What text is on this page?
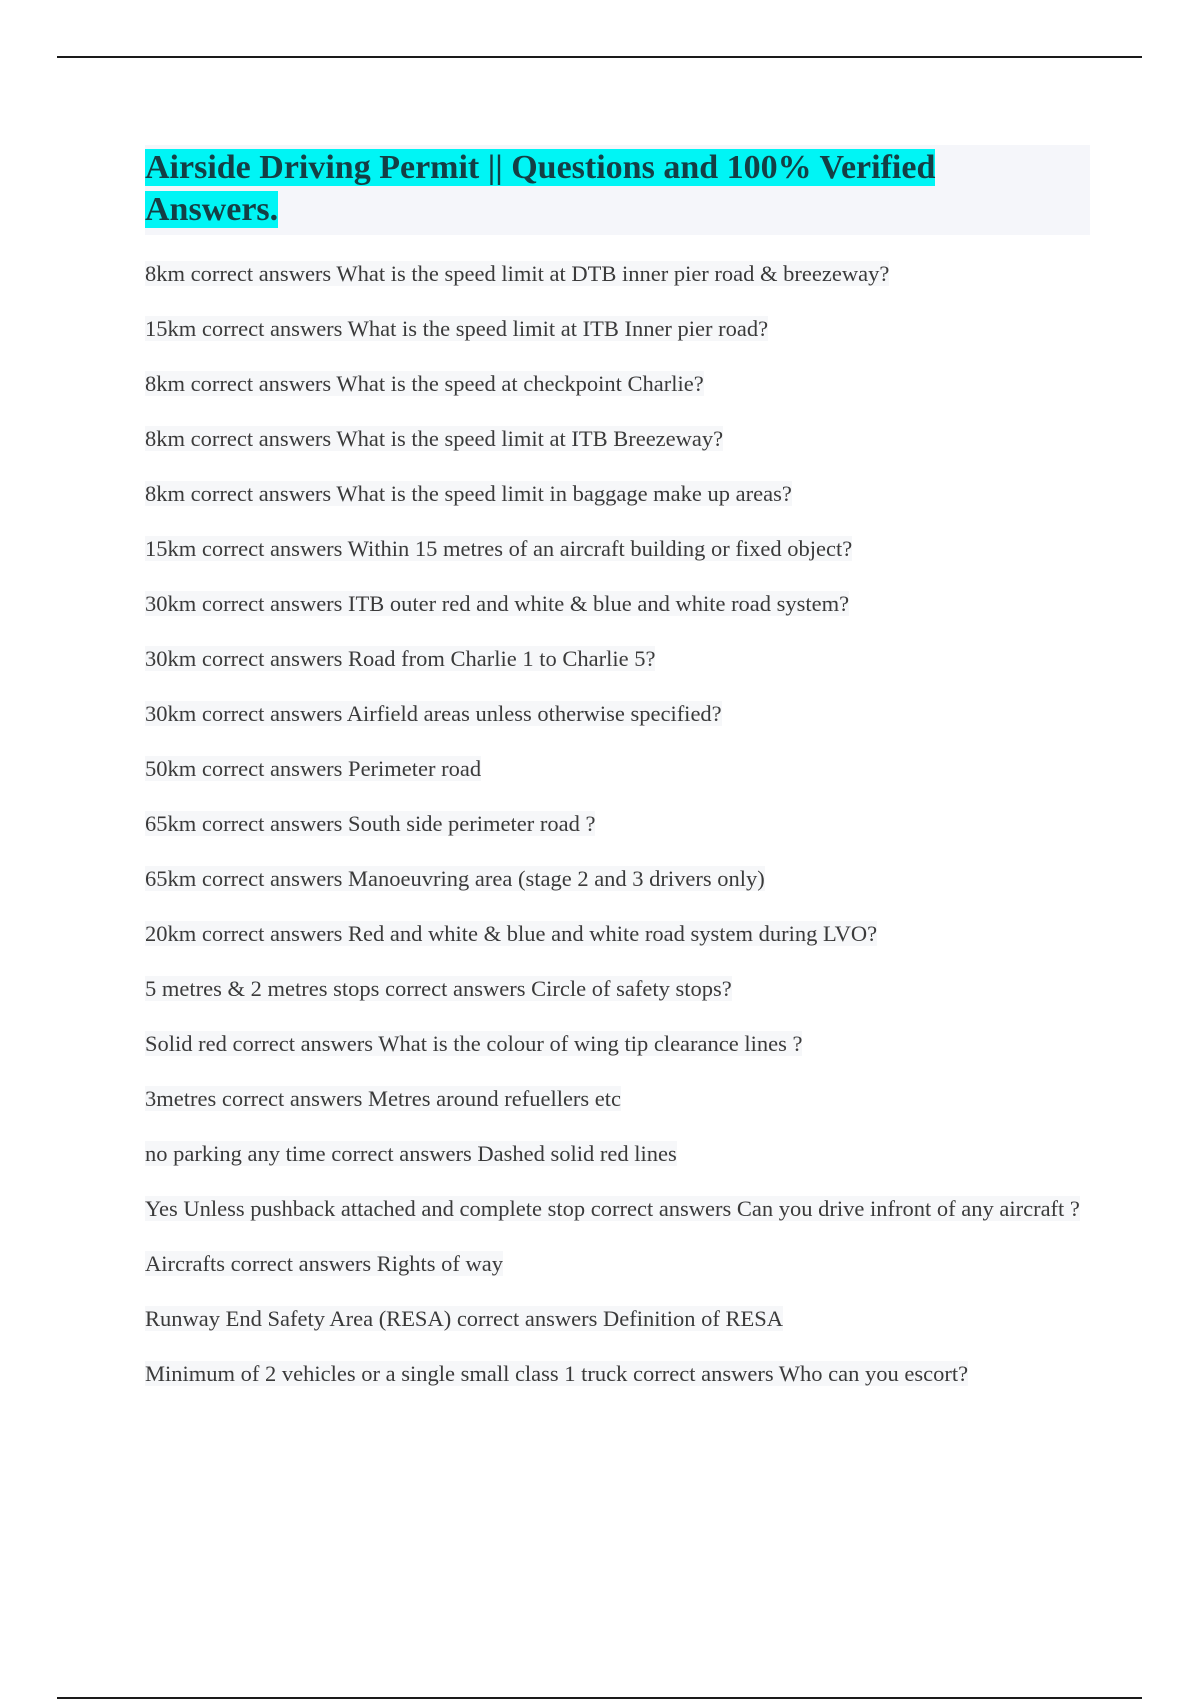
Airside Driving Permit || Questions and 100% Verified Answers.
8km correct answers What is the speed limit at DTB inner pier road & breezeway?
15km correct answers What is the speed limit at ITB Inner pier road?
8km correct answers What is the speed at checkpoint Charlie?
8km correct answers What is the speed limit at ITB Breezeway?
8km correct answers What is the speed limit in baggage make up areas?
15km correct answers Within 15 metres of an aircraft building or fixed object?
30km correct answers ITB outer red and white & blue and white road system?
30km correct answers Road from Charlie 1 to Charlie 5?
30km correct answers Airfield areas unless otherwise specified?
50km correct answers Perimeter road
65km correct answers South side perimeter road ?
65km correct answers Manoeuvring area (stage 2 and 3 drivers only)
20km correct answers Red and white & blue and white road system during LVO?
5 metres & 2 metres stops correct answers Circle of safety stops?
Solid red correct answers What is the colour of wing tip clearance lines ?
3metres correct answers Metres around refuellers etc
no parking any time correct answers Dashed solid red lines
Yes Unless pushback attached and complete stop correct answers Can you drive infront of any aircraft ?
Aircrafts correct answers Rights of way
Runway End Safety Area (RESA) correct answers Definition of RESA
Minimum of 2 vehicles or a single small class 1 truck correct answers Who can you escort?
